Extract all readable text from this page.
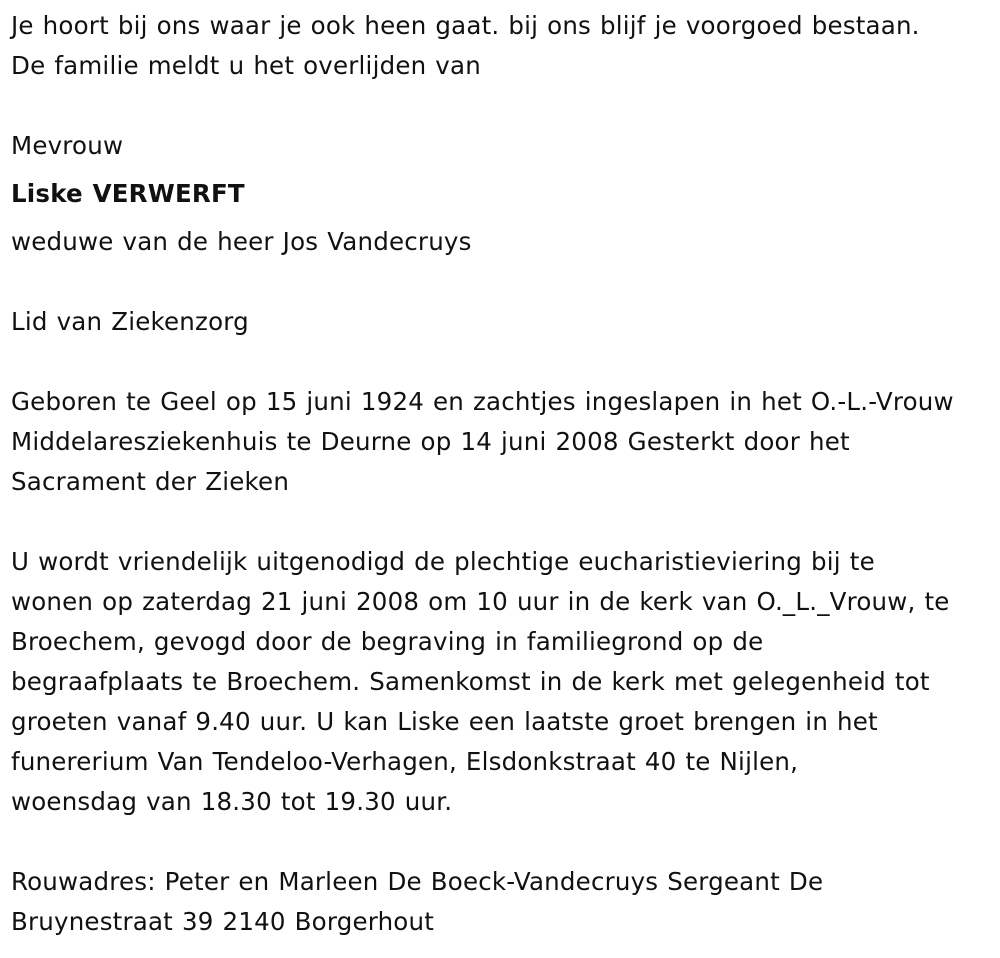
Je hoort bij ons waar je ook heen gaat. bij ons blijf je voorgoed bestaan.
De familie meldt u het overlijden van
Mevrouw
Liske VERWERFT
weduwe van de heer Jos Vandecruys
Lid van Ziekenzorg
Geboren te Geel op 15 juni 1924 en zachtjes ingeslapen in het O.-L.-Vrouw
Middelaresziekenhuis te Deurne op 14 juni 2008 Gesterkt door het
Sacrament der Zieken
U wordt vriendelijk uitgenodigd de plechtige eucharistieviering bij te
wonen op zaterdag 21 juni 2008 om 10 uur in de kerk van O._L._Vrouw, te
Broechem, gevogd door de begraving in familiegrond op de
begraafplaats te Broechem. Samenkomst in de kerk met gelegenheid tot
groeten vanaf 9.40 uur. U kan Liske een laatste groet brengen in het
funererium Van Tendeloo-Verhagen, Elsdonkstraat 40 te Nijlen,
woensdag van 18.30 tot 19.30 uur.
Rouwadres: Peter en Marleen De Boeck-Vandecruys Sergeant De
Bruynestraat 39 2140 Borgerhout
